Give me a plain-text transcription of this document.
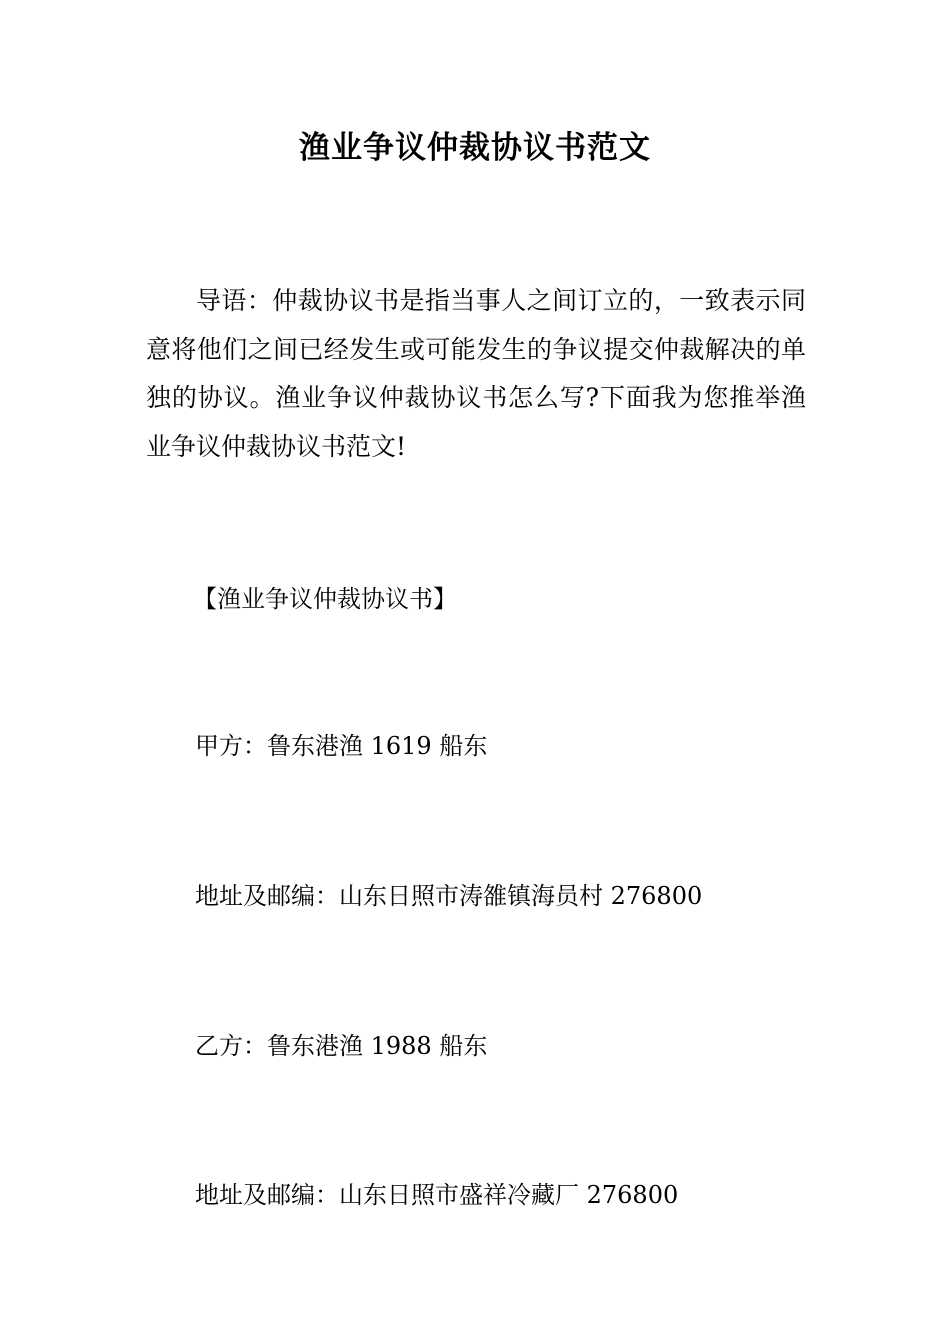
渔业争议仲裁协议书范文

导语：仲裁协议书是指当事人之间订立的，一致表示同意将他们之间已经发生或可能发生的争议提交仲裁解决的单独的协议。渔业争议仲裁协议书怎么写?下面我为您推举渔业争议仲裁协议书范文!

【渔业争议仲裁协议书】

甲方：鲁东港渔 1619 船东

地址及邮编：山东日照市涛雒镇海员村 276800

乙方：鲁东港渔 1988 船东

地址及邮编：山东日照市盛祥冷藏厂 276800
